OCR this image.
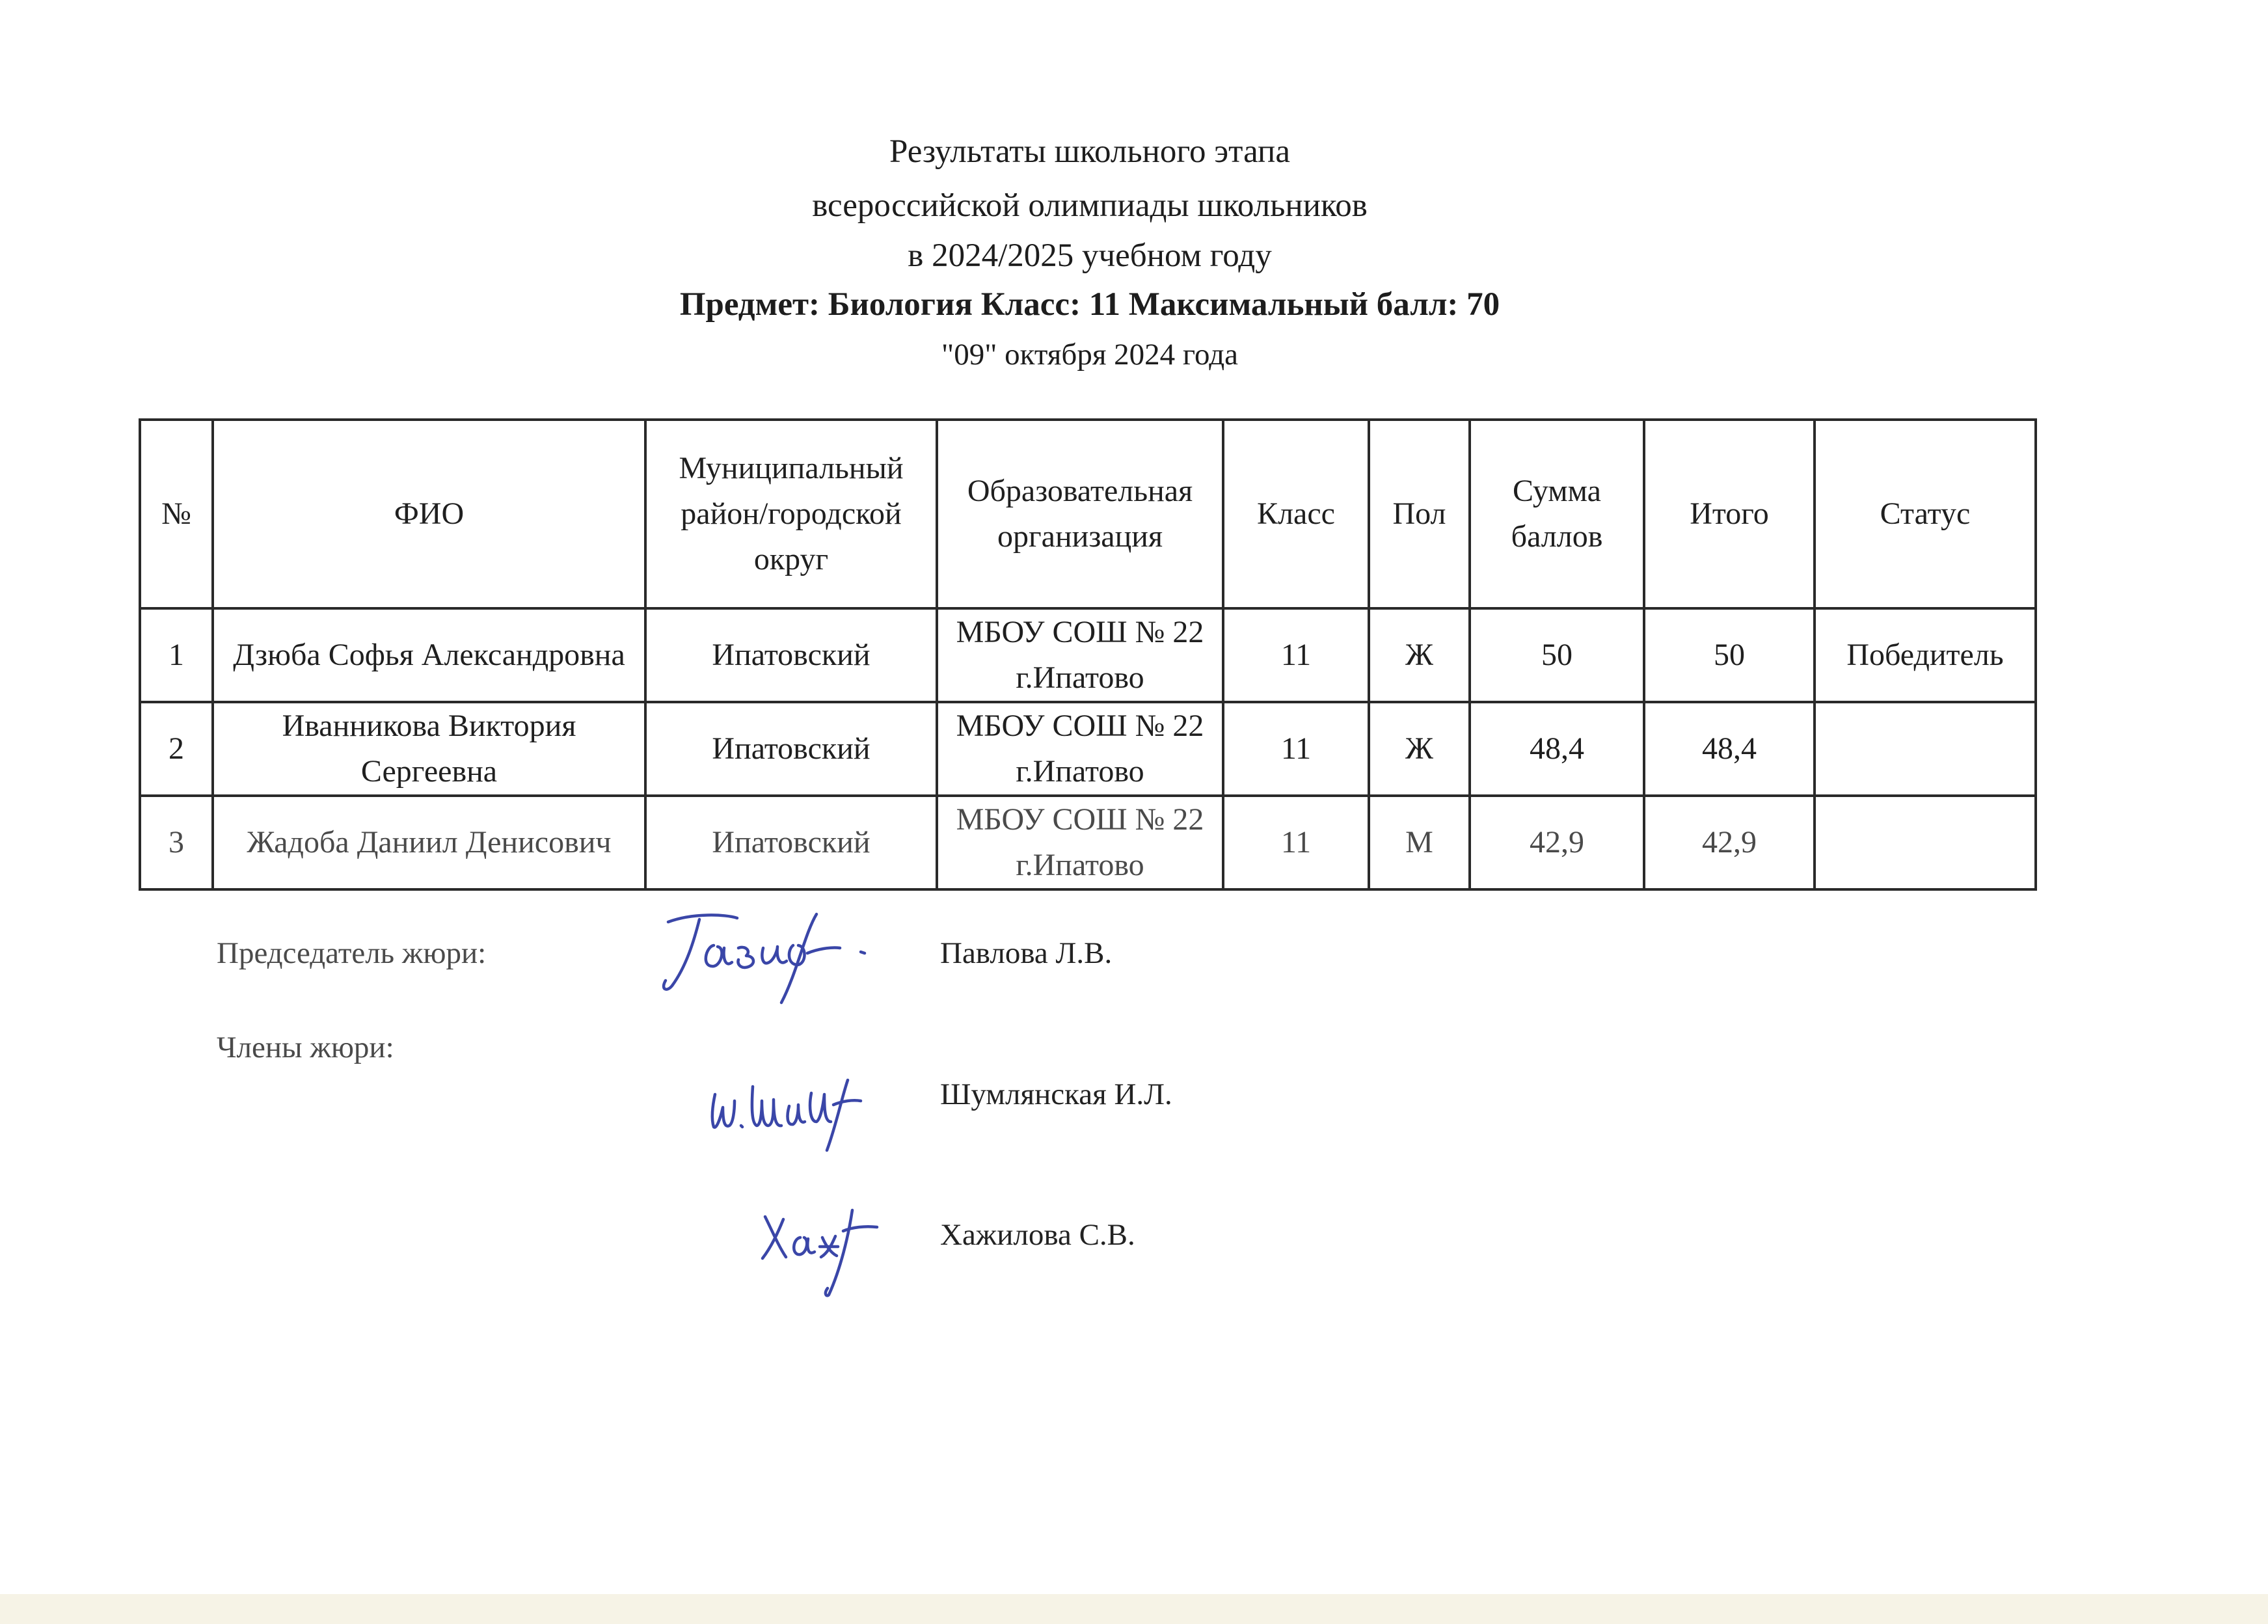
Результаты школьного этапа
всероссийской олимпиады школьников
в 2024/2025 учебном году
Предмет: Биология Класс: 11 Максимальный балл: 70
"09" октября 2024 года
№	ФИО	Муниципальный район/городской округ	Образовательная организация	Класс	Пол	Сумма баллов	Итого	Статус
1	Дзюба Софья Александровна	Ипатовский	МБОУ СОШ № 22 г.Ипатово	11	Ж	50	50	Победитель
2	Иванникова Виктория Сергеевна	Ипатовский	МБОУ СОШ № 22 г.Ипатово	11	Ж	48,4	48,4	
3	Жадоба Даниил Денисович	Ипатовский	МБОУ СОШ № 22 г.Ипатово	11	М	42,9	42,9	
Председатель жюри:	Павлова Л.В.
Члены жюри:
Шумлянская И.Л.
Хажилова С.В.
